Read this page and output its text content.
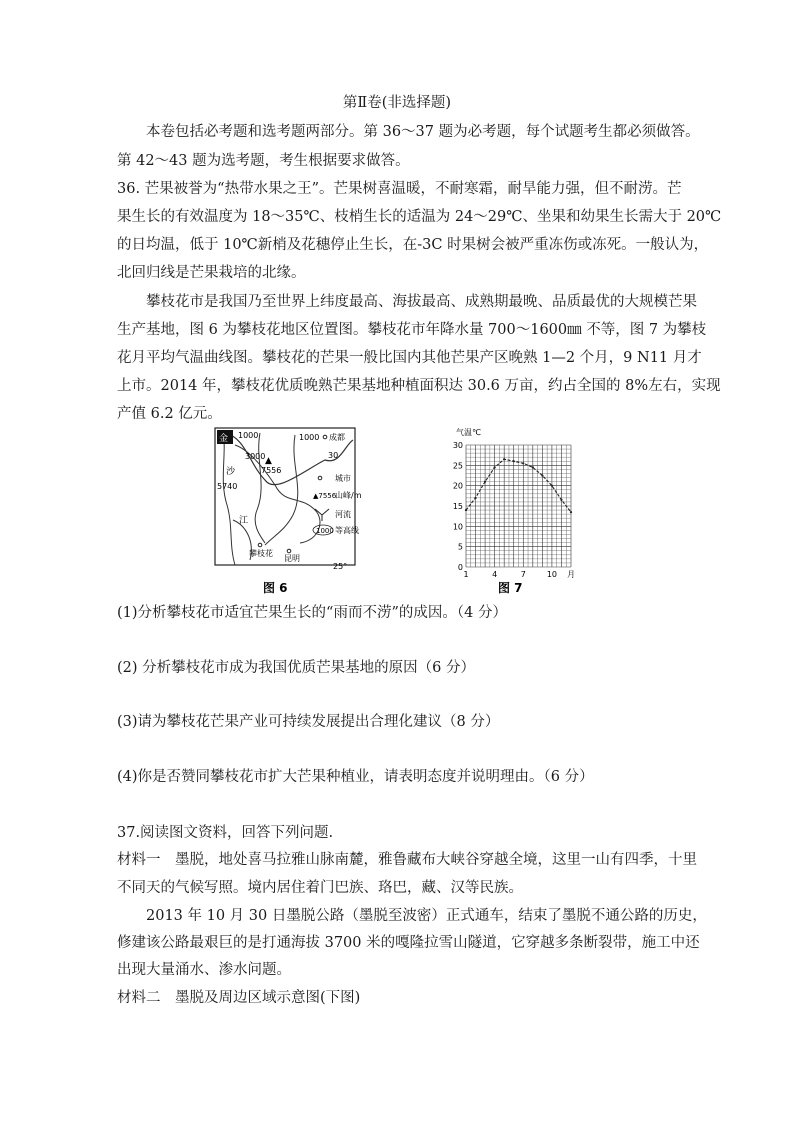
第Ⅱ卷(非选择题)
本卷包括必考题和选考题两部分。第 36～37 题为必考题，每个试题考生都必须做答。
第 42～43 题为选考题，考生根据要求做答。
36. 芒果被誉为“热带水果之王”。芒果树喜温暖，不耐寒霜，耐旱能力强，但不耐涝。芒
果生长的有效温度为 18～35℃、枝梢生长的适温为 24～29℃、坐果和幼果生长需大于 20℃
的日均温，低于 10℃新梢及花穗停止生长，在-3C 时果树会被严重冻伤或冻死。一般认为，
北回归线是芒果栽培的北缘。
攀枝花市是我国乃至世界上纬度最高、海拔最高、成熟期最晚、品质最优的大规模芒果
生产基地，图 6 为攀枝花地区位置图。攀枝花市年降水量 700～1600㎜ 不等，图 7 为攀枝
花月平均气温曲线图。攀枝花的芒果一般比国内其他芒果产区晚熟 1—2 个月，9 N11 月才
上市。2014 年，攀枝花优质晚熟芒果基地种植面积达 30.6 万亩，约占全国的 8%左右，实现
产值 6.2 亿元。
金 1000	1000 成都
3000	30
▲
7556
沙
5740
江
攀枝花
昆明
25°
城市
▲7556
山峰/m
河流
1000 等高线
图 6
气温℃
30
25
20
15
10
5
0
1	4	7	10 月
图 7
(1)分析攀枝花市适宜芒果生长的“雨而不涝”的成因。（4 分）
(2) 分析攀枝花市成为我国优质芒果基地的原因（6 分）
(3)请为攀枝花芒果产业可持续发展提出合理化建议（8 分）
(4)你是否赞同攀枝花市扩大芒果种植业，请表明态度并说明理由。（6 分）
37.阅读图文资料，回答下列问题.
材料一　墨脱，地处喜马拉雅山脉南麓，雅鲁藏布大峡谷穿越全境，这里一山有四季，十里
不同天的气候写照。境内居住着门巴族、珞巴，藏、汉等民族。
2013 年 10 月 30 日墨脱公路（墨脱至波密）正式通车，结束了墨脱不通公路的历史，
修建该公路最艰巨的是打通海拔 3700 米的嘎隆拉雪山隧道，它穿越多条断裂带，施工中还
出现大量涌水、渗水问题。
材料二　墨脱及周边区域示意图(下图)
